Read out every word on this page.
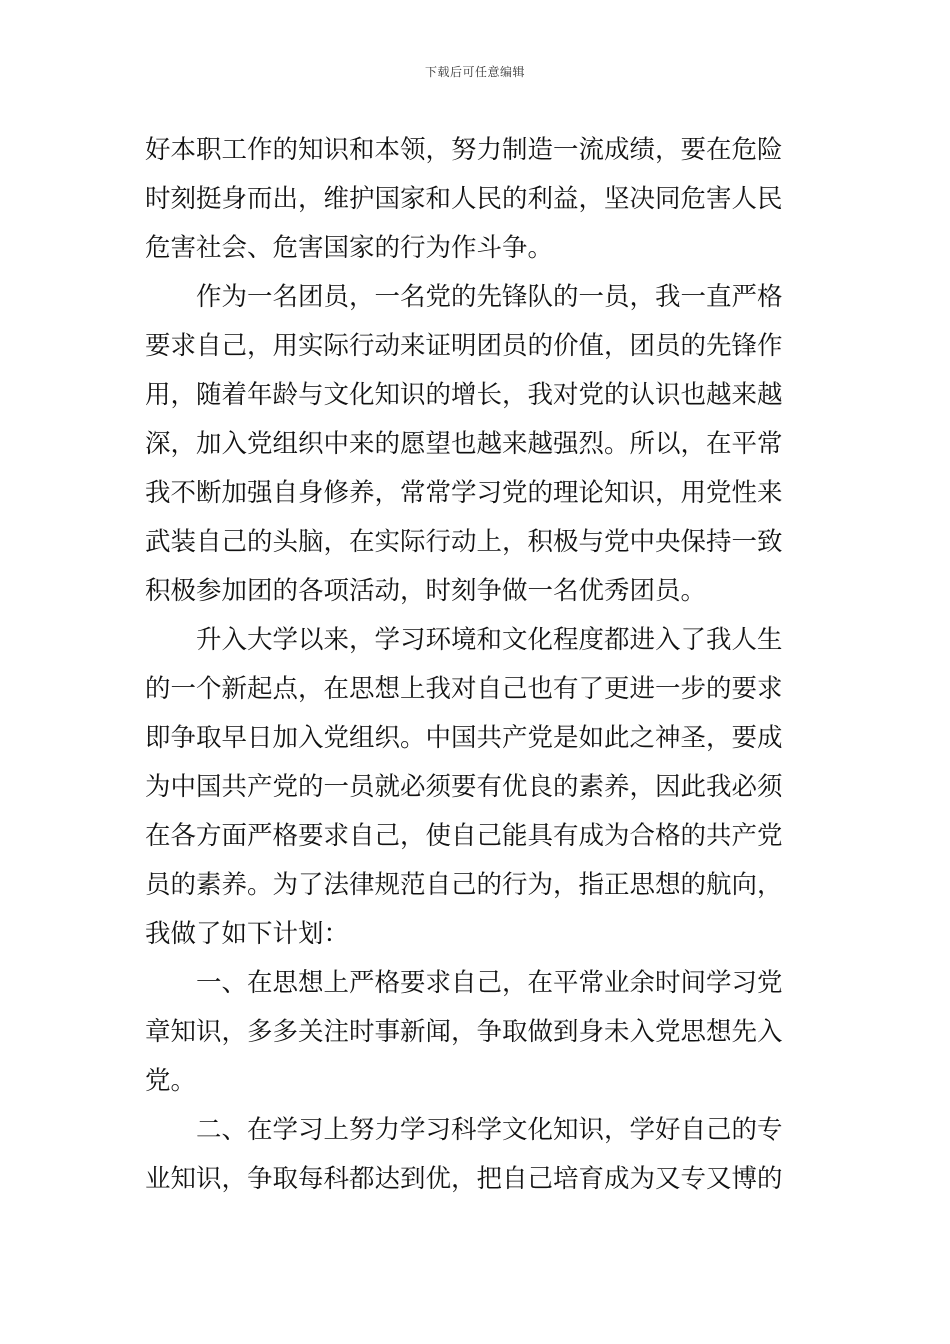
下载后可任意编辑
好本职工作的知识和本领，努力制造一流成绩，要在危险
时刻挺身而出，维护国家和人民的利益，坚决同危害人民
危害社会、危害国家的行为作斗争。
作为一名团员，一名党的先锋队的一员，我一直严格
要求自己，用实际行动来证明团员的价值，团员的先锋作
用，随着年龄与文化知识的增长，我对党的认识也越来越
深，加入党组织中来的愿望也越来越强烈。所以，在平常
我不断加强自身修养，常常学习党的理论知识，用党性来
武装自己的头脑，在实际行动上，积极与党中央保持一致
积极参加团的各项活动，时刻争做一名优秀团员。
升入大学以来，学习环境和文化程度都进入了我人生
的一个新起点，在思想上我对自己也有了更进一步的要求
即争取早日加入党组织。中国共产党是如此之神圣，要成
为中国共产党的一员就必须要有优良的素养，因此我必须
在各方面严格要求自己，使自己能具有成为合格的共产党
员的素养。为了法律规范自己的行为，指正思想的航向，
我做了如下计划：
一、在思想上严格要求自己，在平常业余时间学习党
章知识，多多关注时事新闻，争取做到身未入党思想先入
党。
二、在学习上努力学习科学文化知识，学好自己的专
业知识，争取每科都达到优，把自己培育成为又专又博的
